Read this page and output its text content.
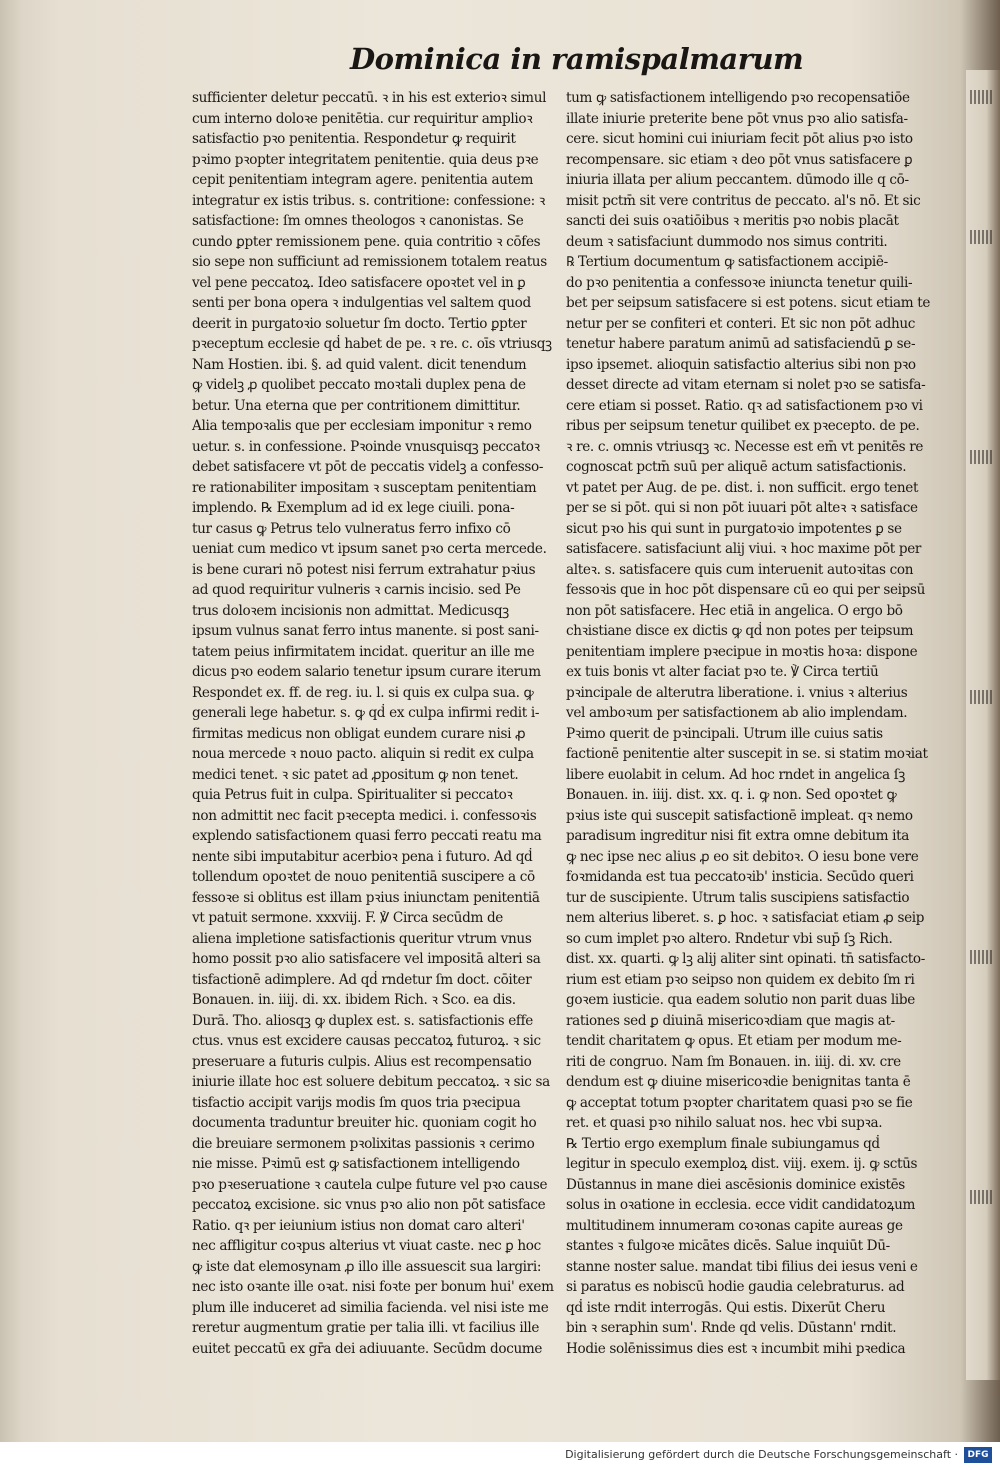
Dominica in ramispalmarum
sufficienter deletur peccatū. ꝛ in his est exterioꝛ simul
cum interno doloꝛe penitētia. cur requiritur amplioꝛ
satisfactio pꝛo penitentia. Respondetur ꝙ requirit
pꝛimo pꝛopter integritatem penitentie. quia deus pꝛe
cepit penitentiam integram agere. penitentia autem
integratur ex istis tribus. s. contritione: confessione: ꝛ
satisfactione: ſm omnes theologos ꝛ canonistas. Se
cundo ꝑpter remissionem pene. quia contritio ꝛ cōfes
sio sepe non sufficiunt ad remissionem totalem reatus
vel pene peccatoꝝ. Ideo satisfacere opoꝛtet vel in ꝑ
senti per bona opera ꝛ indulgentias vel saltem quod
deerit in purgatoꝛio soluetur ſm docto. Tertio ꝑpter
pꝛeceptum ecclesie qḋ habet de pe. ꝛ re. c. oīs vtriusqꝫ
Nam Hostien. ibi. §. ad quid valent. dicit tenendum
ꝙ videlꝫ ꝓ quolibet peccato moꝛtali duplex pena de
betur. Una eterna que per contritionem dimittitur.
Alia tempoꝛalis que per ecclesiam imponitur ꝛ remo
uetur. s. in confessione. Pꝛoinde vnusquisqꝫ peccatoꝛ
debet satisfacere vt pōt de peccatis videlꝫ a confesso-
re rationabiliter impositam ꝛ susceptam penitentiam
implendo. ℞ Exemplum ad id ex lege ciuili. pona-
tur casus ꝙ Petrus telo vulneratus ferro infixo cō
ueniat cum medico vt ipsum sanet pꝛo certa mercede.
is bene curari nō potest nisi ferrum extrahatur pꝛius
ad quod requiritur vulneris ꝛ carnis incisio. sed Pe
trus doloꝛem incisionis non admittat. Medicusqꝫ
ipsum vulnus sanat ferro intus manente. si post sani-
tatem peius infirmitatem incidat. queritur an ille me
dicus pꝛo eodem salario tenetur ipsum curare iterum
Respondet ex. ff. de reg. iu. l. si quis ex culpa sua. ꝙ
generali lege habetur. s. ꝙ qḋ ex culpa infirmi redit i-
firmitas medicus non obligat eundem curare nisi ꝓ
noua mercede ꝛ nouo pacto. aliquin si redit ex culpa
medici tenet. ꝛ sic patet ad ꝓpositum ꝙ non tenet.
quia Petrus fuit in culpa. Spiritualiter si peccatoꝛ
non admittit nec facit pꝛecepta medici. i. confessoꝛis
explendo satisfactionem quasi ferro peccati reatu ma
nente sibi imputabitur acerbioꝛ pena i futuro. Ad qḋ
tollendum opoꝛtet de nouo penitentiā suscipere a cō
fessoꝛe si oblitus est illam pꝛius iniunctam penitentiā
vt patuit sermone. xxxviij. F. ℣ Circa secūdm de
aliena impletione satisfactionis queritur vtrum vnus
homo possit pꝛo alio satisfacere vel impositā alteri sa
tisfactionē adimplere. Ad qḋ rndetur ſm doct. cōiter
Bonauen. in. iiij. di. xx. ibidem Rich. ꝛ Sco. ea dis.
Durā. Tho. aliosqꝫ ꝙ duplex est. s. satisfactionis effe
ctus. vnus est excidere causas peccatoꝝ futuroꝝ. ꝛ sic
preseruare a futuris culpis. Alius est recompensatio
iniurie illate hoc est soluere debitum peccatoꝝ. ꝛ sic sa
tisfactio accipit varijs modis ſm quos tria pꝛecipua
documenta traduntur breuiter hic. quoniam cogit ho
die breuiare sermonem pꝛolixitas passionis ꝛ cerimo
nie misse. Pꝛimū est ꝙ satisfactionem intelligendo
pꝛo pꝛeseruatione ꝛ cautela culpe future vel pꝛo cause
peccatoꝝ excisione. sic vnus pꝛo alio non pōt satisface
Ratio. qꝛ per ieiunium istius non domat caro alteri'
nec affligitur coꝛpus alterius vt viuat caste. nec ꝑ hoc
ꝙ iste dat elemosynam ꝓ illo ille assuescit sua largiri:
nec isto oꝛante ille oꝛat. nisi foꝛte per bonum hui' exem
plum ille induceret ad similia facienda. vel nisi iste me
reretur augmentum gratie per talia illi. vt facilius ille
euitet peccatū ex gr̄a dei adiuuante. Secūdm docume
tum ꝙ satisfactionem intelligendo pꝛo recopensatiōe
illate iniurie preterite bene pōt vnus pꝛo alio satisfa-
cere. sicut homini cui iniuriam fecit pōt alius pꝛo isto
recompensare. sic etiam ꝛ deo pōt vnus satisfacere ꝑ
iniuria illata per alium peccantem. dūmodo ille q cō-
misit pctm̄ sit vere contritus de peccato. al's nō. Et sic
sancti dei suis oꝛatiōibus ꝛ meritis pꝛo nobis placāt
deum ꝛ satisfaciunt dummodo nos simus contriti.
℞ Tertium documentum ꝙ satisfactionem accipiē-
do pꝛo penitentia a confessoꝛe iniuncta tenetur quili-
bet per seipsum satisfacere si est potens. sicut etiam te
netur per se confiteri et conteri. Et sic non pōt adhuc
tenetur habere paratum animū ad satisfaciendū ꝑ se-
ipso ipsemet. alioquin satisfactio alterius sibi non pꝛo
desset directe ad vitam eternam si nolet pꝛo se satisfa-
cere etiam si posset. Ratio. qꝛ ad satisfactionem pꝛo vi
ribus per seipsum tenetur quilibet ex pꝛecepto. de pe.
ꝛ re. c. omnis vtriusqꝫ ꝛc. Necesse est em̄ vt penitēs re
cognoscat pctm̄ suū per aliquē actum satisfactionis.
vt patet per Aug. de pe. dist. i. non sufficit. ergo tenet
per se si pōt. qui si non pōt iuuari pōt alteꝛ ꝛ satisface
sicut pꝛo his qui sunt in purgatoꝛio impotentes ꝑ se
satisfacere. satisfaciunt alij viui. ꝛ hoc maxime pōt per
alteꝛ. s. satisfacere quis cum interuenit autoꝛitas con
fessoꝛis que in hoc pōt dispensare cū eo qui per seipsū
non pōt satisfacere. Hec etiā in angelica. O ergo bō
chꝛistiane disce ex dictis ꝙ qḋ non potes per teipsum
penitentiam implere pꝛecipue in moꝛtis hoꝛa: dispone
ex tuis bonis vt alter faciat pꝛo te. ℣ Circa tertiū
pꝛincipale de alterutra liberatione. i. vnius ꝛ alterius
vel amboꝛum per satisfactionem ab alio implendam.
Pꝛimo querit de pꝛincipali. Utrum ille cuius satis
factionē penitentie alter suscepit in se. si statim moꝛiat
libere euolabit in celum. Ad hoc rndet in angelica ſꝫ
Bonauen. in. iiij. dist. xx. q. i. ꝙ non. Sed opoꝛtet ꝙ
pꝛius iste qui suscepit satisfactionē impleat. qꝛ nemo
paradisum ingreditur nisi fit extra omne debitum ita
ꝙ nec ipse nec alius ꝓ eo sit debitoꝛ. O iesu bone vere
foꝛmidanda est tua peccatoꝛib' insticia. Secūdo queri
tur de suscipiente. Utrum talis suscipiens satisfactio
nem alterius liberet. s. ꝑ hoc. ꝛ satisfaciat etiam ꝓ seip
so cum implet pꝛo altero. Rndetur vbi sup̄ ſꝫ Rich.
dist. xx. quarti. ꝙ lꝫ alij aliter sint opinati. tn̄ satisfacto-
rium est etiam pꝛo seipso non quidem ex debito ſm ri
goꝛem iusticie. qua eadem solutio non parit duas libe
rationes sed ꝑ diuinā misericoꝛdiam que magis at-
tendit charitatem ꝙ opus. Et etiam per modum me-
riti de congruo. Nam ſm Bonauen. in. iiij. di. xv. cre
dendum est ꝙ diuine misericoꝛdie benignitas tanta ē
ꝙ acceptat totum pꝛopter charitatem quasi pꝛo se fie
ret. et quasi pꝛo nihilo saluat nos. hec vbi supꝛa.
℞ Tertio ergo exemplum finale subiungamus qḋ
legitur in speculo exemploꝝ dist. viij. exem. ij. ꝙ sctūs
Dūstannus in mane diei ascēsionis dominice existēs
solus in oꝛatione in ecclesia. ecce vidit candidatoꝝum
multitudinem innumeram coꝛonas capite aureas ge
stantes ꝛ fulgoꝛe micātes dicēs. Salue inquiūt Dū-
stanne noster salue. mandat tibi filius dei iesus veni e
si paratus es nobiscū hodie gaudia celebraturus. ad
qḋ iste rndit interrogās. Qui estis. Dixerūt Cheru
bin ꝛ seraphin sum'. Rnde qd velis. Dūstann' rndit.
Hodie solēnissimus dies est ꝛ incumbit mihi pꝛedica
Digitalisierung gefördert durch die Deutsche Forschungsgemeinschaft ·	DFG
